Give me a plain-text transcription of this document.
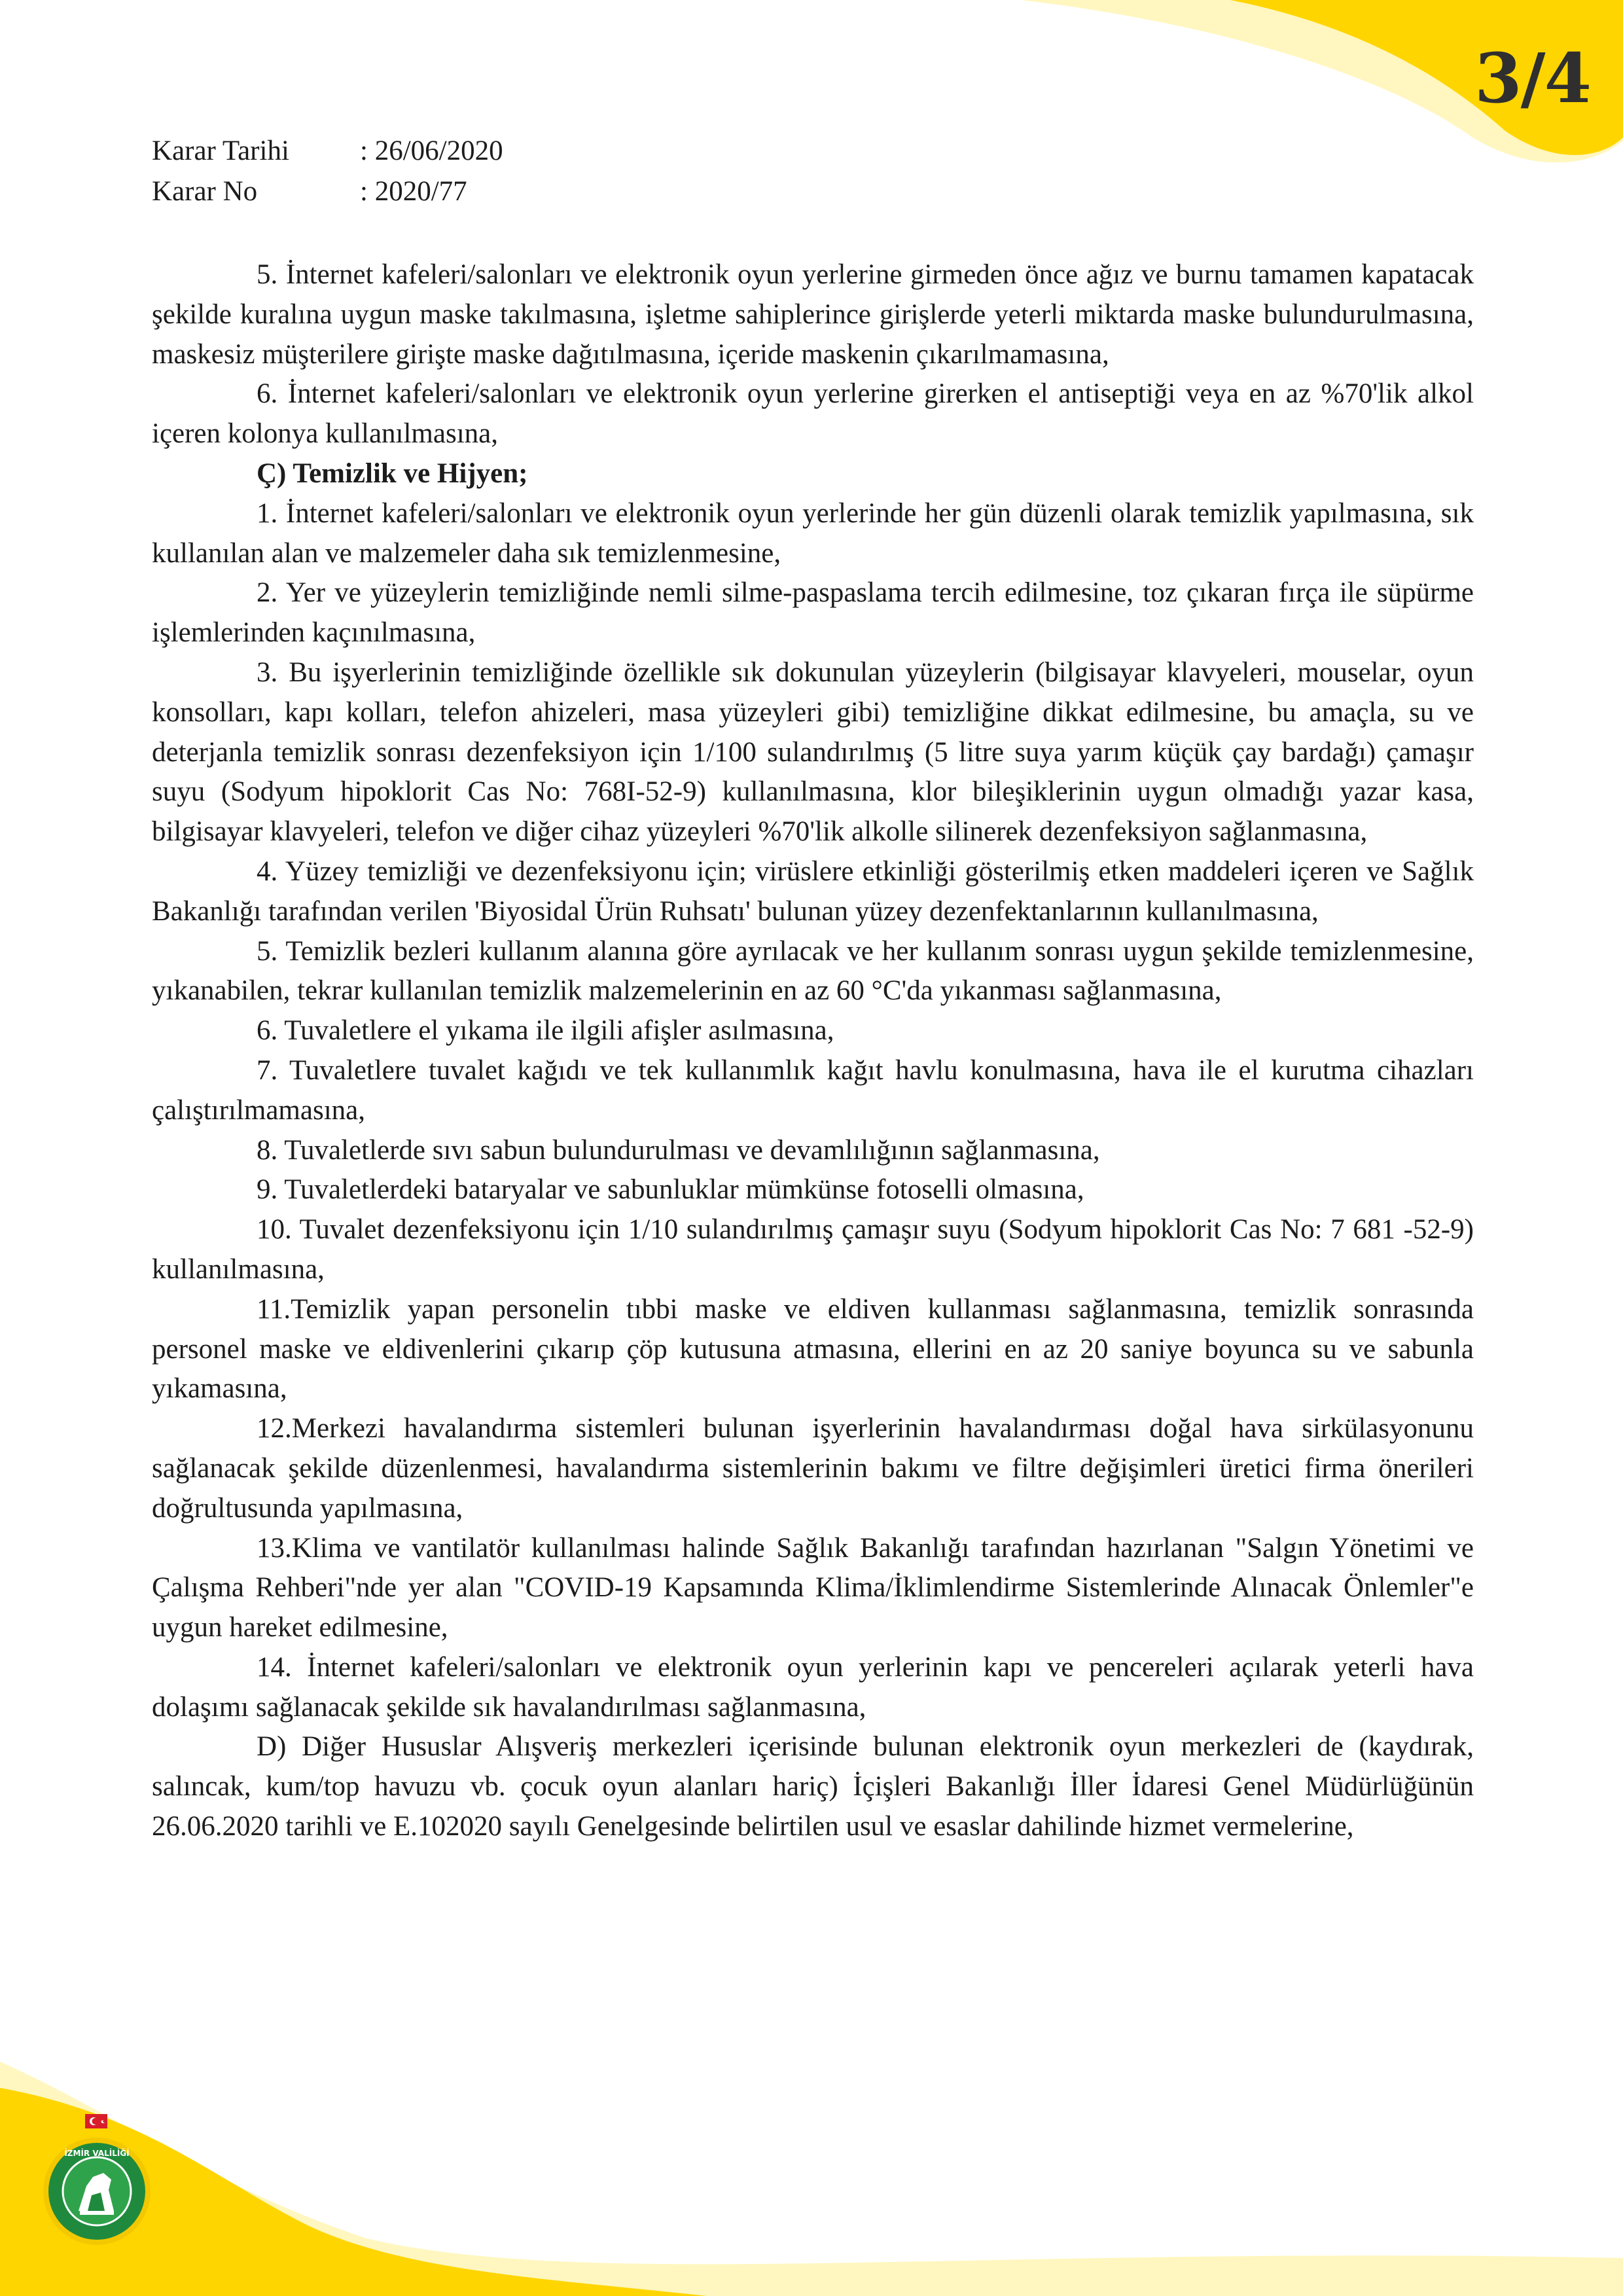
3/4
Karar Tarihi	: 26/06/2020
Karar No	: 2020/77

5. İnternet kafeleri/salonları ve elektronik oyun yerlerine girmeden önce ağız ve burnu tamamen kapatacak şekilde kuralına uygun maske takılmasına, işletme sahiplerince girişlerde yeterli miktarda maske bulundurulmasına, maskesiz müşterilere girişte maske dağıtılmasına, içeride maskenin çıkarılmamasına,

6. İnternet kafeleri/salonları ve elektronik oyun yerlerine girerken el antiseptiği veya en az %70'lik alkol içeren kolonya kullanılmasına,

Ç) Temizlik ve Hijyen;

1. İnternet kafeleri/salonları ve elektronik oyun yerlerinde her gün düzenli olarak temizlik yapılmasına, sık kullanılan alan ve malzemeler daha sık temizlenmesine,

2. Yer ve yüzeylerin temizliğinde nemli silme-paspaslama tercih edilmesine, toz çıkaran fırça ile süpürme işlemlerinden kaçınılmasına,

3. Bu işyerlerinin temizliğinde özellikle sık dokunulan yüzeylerin (bilgisayar klavyeleri, mouselar, oyun konsolları, kapı kolları, telefon ahizeleri, masa yüzeyleri gibi) temizliğine dikkat edilmesine, bu amaçla, su ve deterjanla temizlik sonrası dezenfeksiyon için 1/100 sulandırılmış (5 litre suya yarım küçük çay bardağı) çamaşır suyu (Sodyum hipoklorit Cas No: 768I-52-9) kullanılmasına, klor bileşiklerinin uygun olmadığı yazar kasa, bilgisayar klavyeleri, telefon ve diğer cihaz yüzeyleri %70'lik alkolle silinerek dezenfeksiyon sağlanmasına,

4. Yüzey temizliği ve dezenfeksiyonu için; virüslere etkinliği gösterilmiş etken maddeleri içeren ve Sağlık Bakanlığı tarafından verilen 'Biyosidal Ürün Ruhsatı' bulunan yüzey dezenfektanlarının kullanılmasına,

5. Temizlik bezleri kullanım alanına göre ayrılacak ve her kullanım sonrası uygun şekilde temizlenmesine, yıkanabilen, tekrar kullanılan temizlik malzemelerinin en az 60 °C'da yıkanması sağlanmasına,

6. Tuvaletlere el yıkama ile ilgili afişler asılmasına,

7. Tuvaletlere tuvalet kağıdı ve tek kullanımlık kağıt havlu konulmasına, hava ile el kurutma cihazları çalıştırılmamasına,

8. Tuvaletlerde sıvı sabun bulundurulması ve devamlılığının sağlanmasına,

9. Tuvaletlerdeki bataryalar ve sabunluklar mümkünse fotoselli olmasına,

10. Tuvalet dezenfeksiyonu için 1/10 sulandırılmış çamaşır suyu (Sodyum hipoklorit Cas No: 7 681 -52-9) kullanılmasına,

11.Temizlik yapan personelin tıbbi maske ve eldiven kullanması sağlanmasına, temizlik sonrasında personel maske ve eldivenlerini çıkarıp çöp kutusuna atmasına, ellerini en az 20 saniye boyunca su ve sabunla yıkamasına,

12.Merkezi havalandırma sistemleri bulunan işyerlerinin havalandırması doğal hava sirkülasyonunu sağlanacak şekilde düzenlenmesi, havalandırma sistemlerinin bakımı ve filtre değişimleri üretici firma önerileri doğrultusunda yapılmasına,

13.Klima ve vantilatör kullanılması halinde Sağlık Bakanlığı tarafından hazırlanan "Salgın Yönetimi ve Çalışma Rehberi"nde yer alan "COVID-19 Kapsamında Klima/İklimlendirme Sistemlerinde Alınacak Önlemler"e uygun hareket edilmesine,

14. İnternet kafeleri/salonları ve elektronik oyun yerlerinin kapı ve pencereleri açılarak yeterli hava dolaşımı sağlanacak şekilde sık havalandırılması sağlanmasına,

D) Diğer Hususlar Alışveriş merkezleri içerisinde bulunan elektronik oyun merkezleri de (kaydırak, salıncak, kum/top havuzu vb. çocuk oyun alanları hariç) İçişleri Bakanlığı İller İdaresi Genel Müdürlüğünün 26.06.2020 tarihli ve E.102020 sayılı Genelgesinde belirtilen usul ve esaslar dahilinde hizmet vermelerine,

İZMİR VALİLİĞİ
